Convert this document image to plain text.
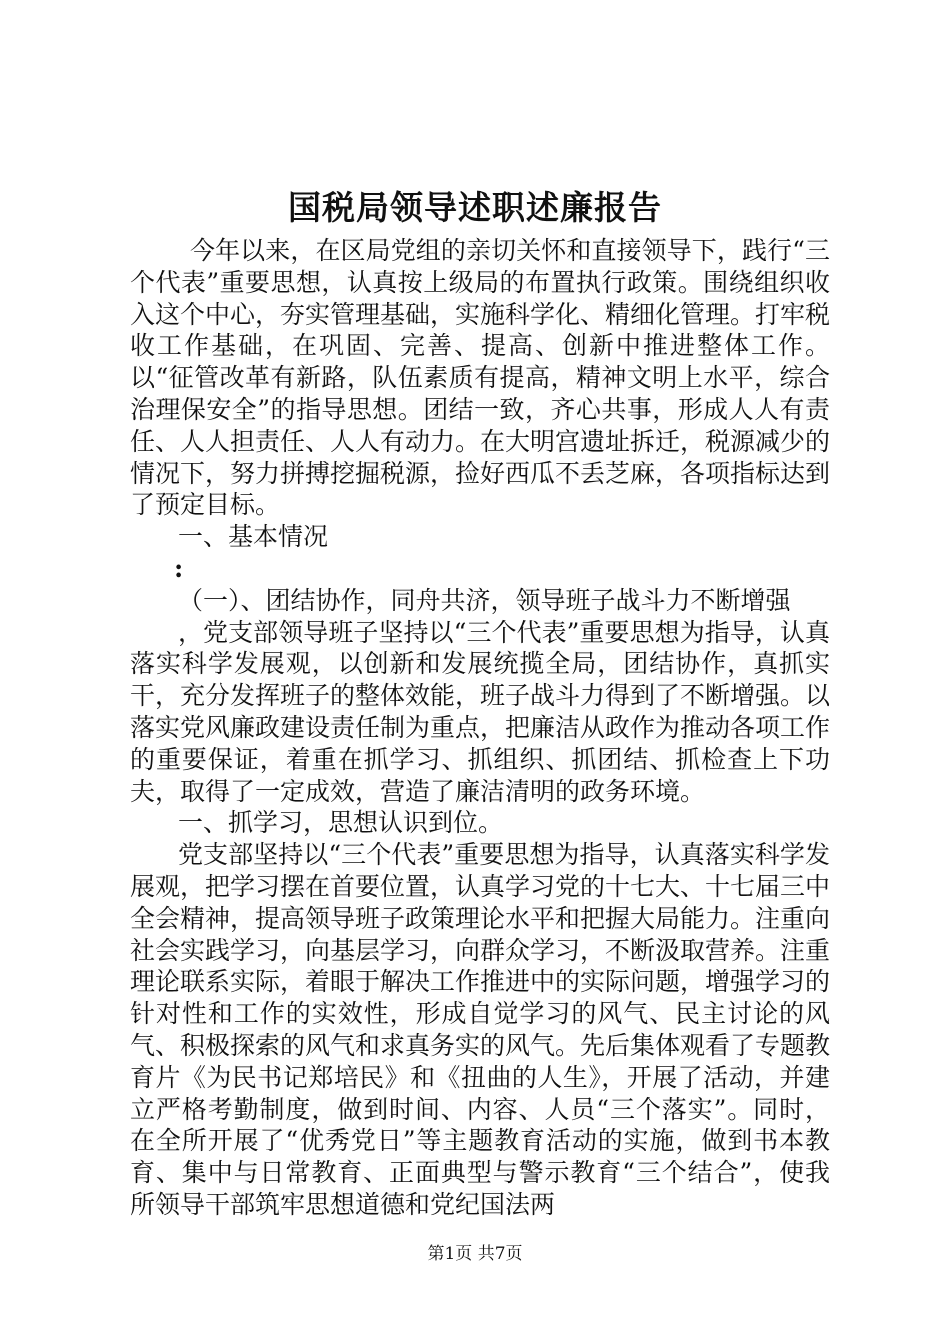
国税局领导述职述廉报告

今年以来，在区局党组的亲切关怀和直接领导下，践行“三个代表”重要思想，认真按上级局的布置执行政策。围绕组织收入这个中心，夯实管理基础，实施科学化、精细化管理。打牢税收工作基础，在巩固、完善、提高、创新中推进整体工作。以“征管改革有新路，队伍素质有提高，精神文明上水平，综合治理保安全”的指导思想。团结一致，齐心共事，形成人人有责任、人人担责任、人人有动力。在大明宫遗址拆迁，税源减少的情况下，努力拼搏挖掘税源，捡好西瓜不丢芝麻，各项指标达到了预定目标。

一、基本情况

:

（一）、团结协作，同舟共济，领导班子战斗力不断增强

，党支部领导班子坚持以“三个代表”重要思想为指导，认真落实科学发展观，以创新和发展统揽全局，团结协作，真抓实干，充分发挥班子的整体效能，班子战斗力得到了不断增强。以落实党风廉政建设责任制为重点，把廉洁从政作为推动各项工作的重要保证，着重在抓学习、抓组织、抓团结、抓检查上下功夫，取得了一定成效，营造了廉洁清明的政务环境。

一、抓学习，思想认识到位。

党支部坚持以“三个代表”重要思想为指导，认真落实科学发展观，把学习摆在首要位置，认真学习党的十七大、十七届三中全会精神，提高领导班子政策理论水平和把握大局能力。注重向社会实践学习，向基层学习，向群众学习，不断汲取营养。注重理论联系实际，着眼于解决工作推进中的实际问题，增强学习的针对性和工作的实效性，形成自觉学习的风气、民主讨论的风气、积极探索的风气和求真务实的风气。先后集体观看了专题教育片《为民书记郑培民》和《扭曲的人生》，开展了活动，并建立严格考勤制度，做到时间、内容、人员“三个落实”。同时，在全所开展了“优秀党日”等主题教育活动的实施，做到书本教育、集中与日常教育、正面典型与警示教育“三个结合”，使我所领导干部筑牢思想道德和党纪国法两

第1页 共7页
